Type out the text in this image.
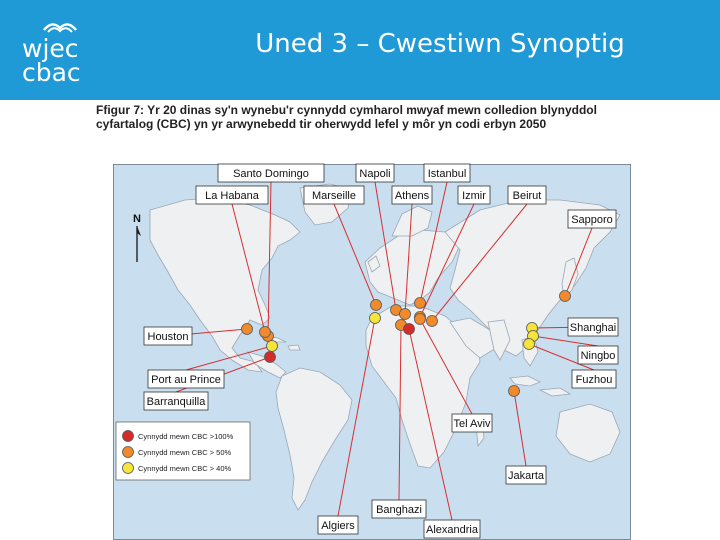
wjec
cbac
Uned 3 – Cwestiwn Synoptig
Ffigur 7: Yr 20 dinas sy'n wynebu'r cynnydd cymharol mwyaf mewn colledion blynyddol
cyfartalog (CBC) yn yr arwynebedd tir oherwydd lefel y môr yn codi erbyn 2050
Santo Domingo
La Habana	Marseille
Napoli	Istanbul
Athens	Izmir Beirut
Sapporo
Houston
Shanghai
Ningbo
Port au Prince	Fuzhou
Barranquilla
Tel Aviv
Jakarta
Banghazi
Algiers	Alexandria
N
Cynnydd mewn CBC >100%
Cynnydd mewn CBC > 50%
Cynnydd mewn CBC > 40%
